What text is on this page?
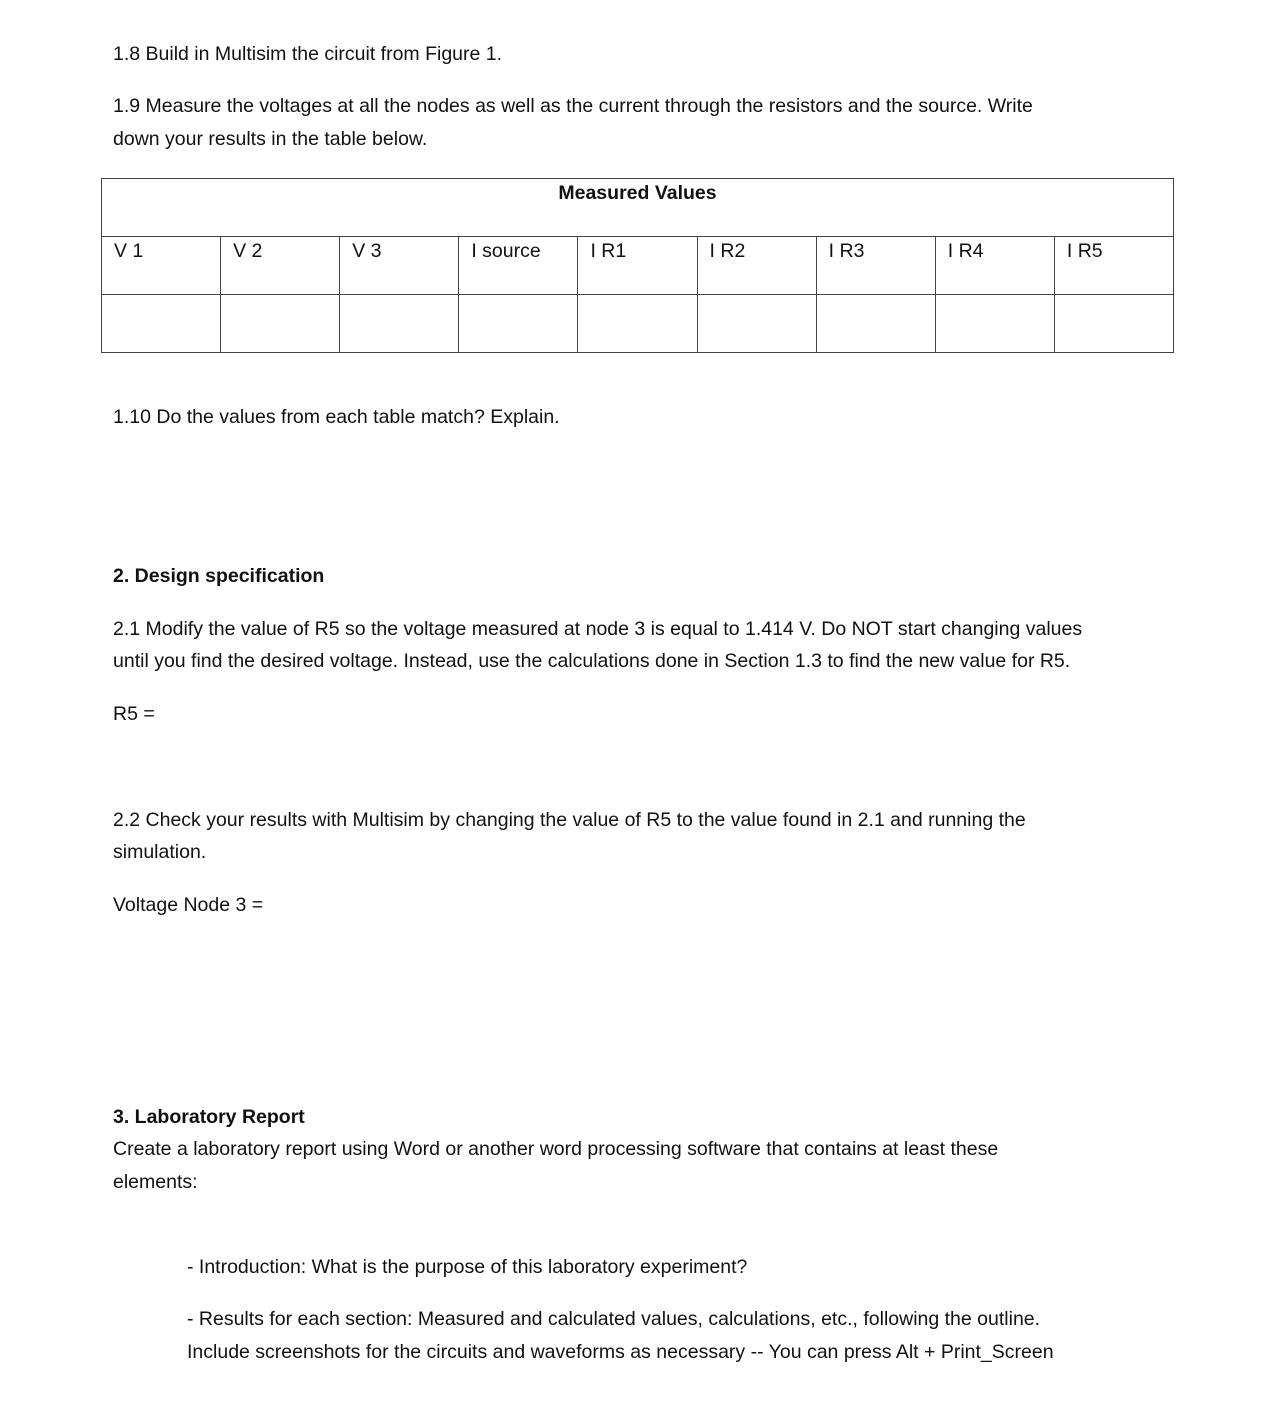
1.8 Build in Multisim the circuit from Figure 1.

1.9 Measure the voltages at all the nodes as well as the current through the resistors and the source. Write

down your results in the table below.

Measured Values								
V 1	V 2	V 3	I source	I R1	I R2	I R3	I R4	I R5

1.10 Do the values from each table match? Explain.

2. Design specification

2.1 Modify the value of R5 so the voltage measured at node 3 is equal to 1.414 V. Do NOT start changing values

until you find the desired voltage. Instead, use the calculations done in Section 1.3 to find the new value for R5.

R5 =

2.2 Check your results with Multisim by changing the value of R5 to the value found in 2.1 and running the

simulation.

Voltage Node 3 =

3. Laboratory Report

Create a laboratory report using Word or another word processing software that contains at least these

elements:

- Introduction: What is the purpose of this laboratory experiment?

- Results for each section: Measured and calculated values, calculations, etc., following the outline.

Include screenshots for the circuits and waveforms as necessary -- You can press Alt + Print_Screen
